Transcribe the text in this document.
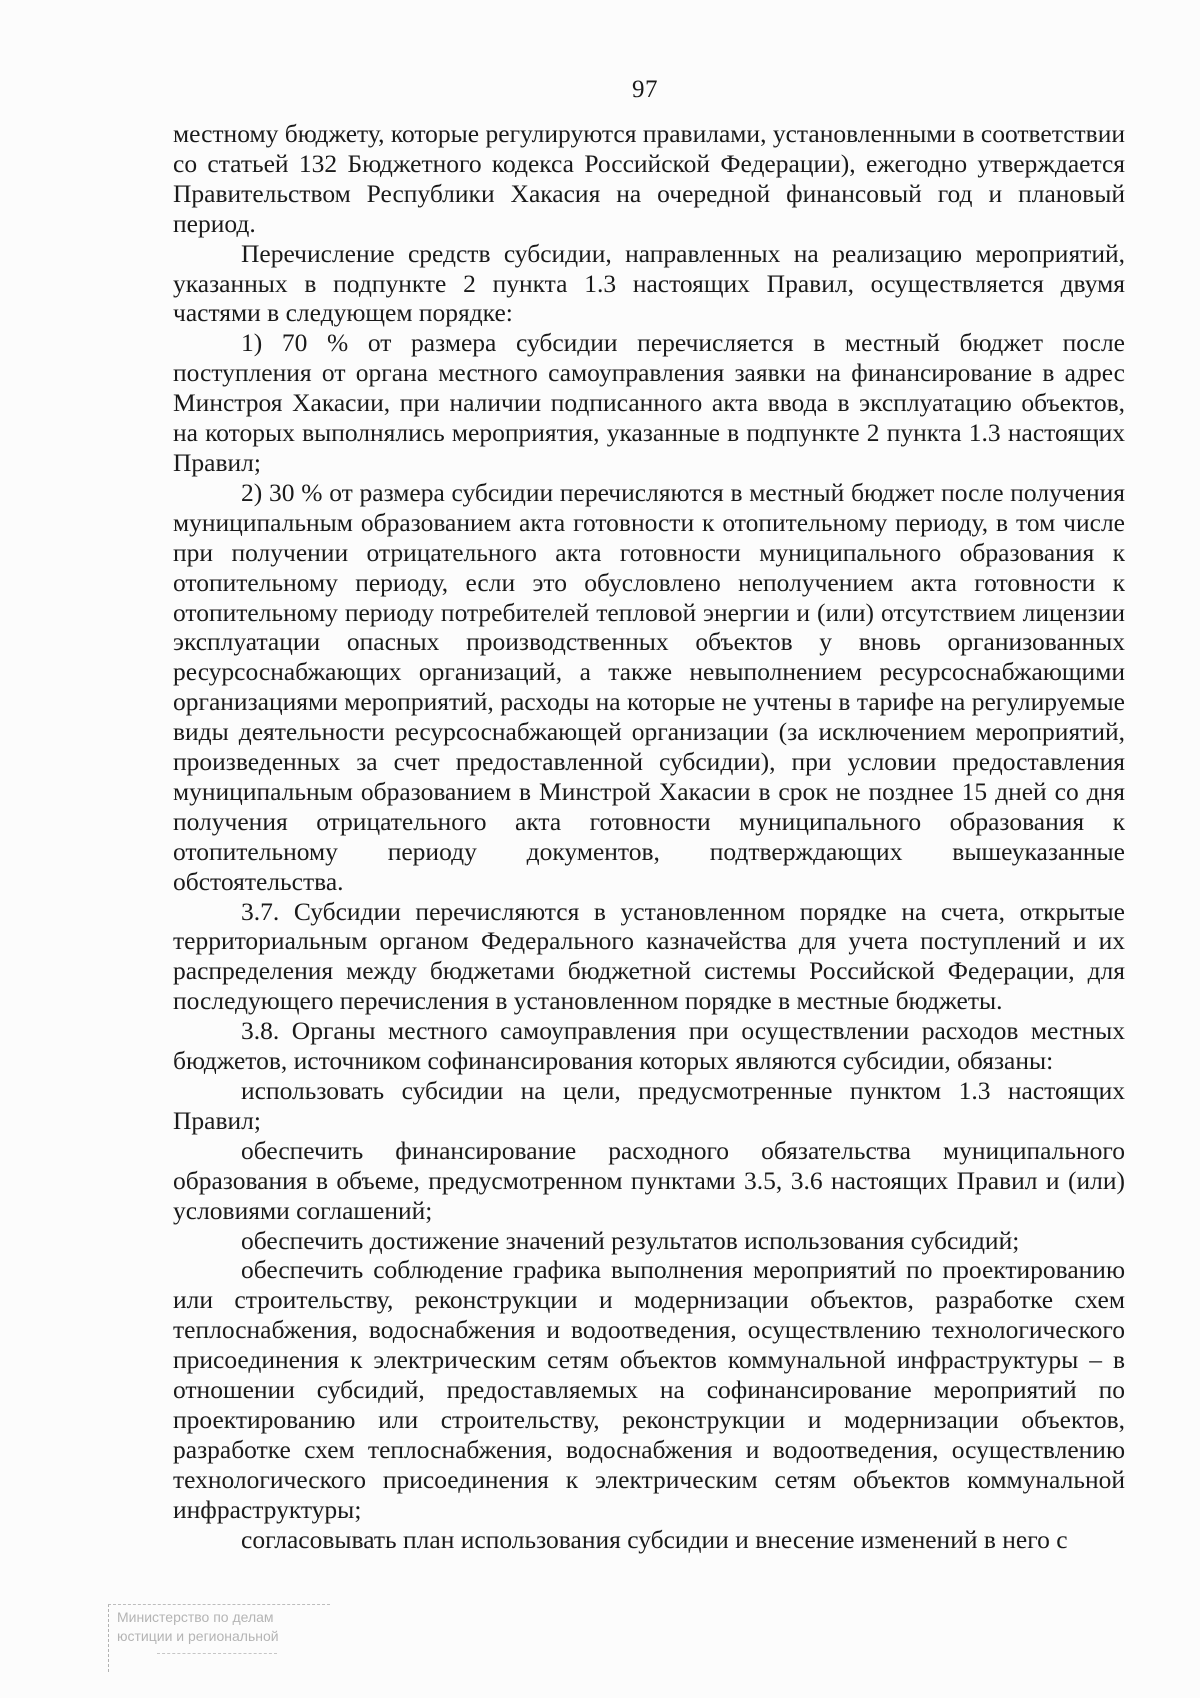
97

местному бюджету, которые регулируются правилами, установленными в соответствии со статьей 132 Бюджетного кодекса Российской Федерации), ежегодно утверждается Правительством Республики Хакасия на очередной финансовый год и плановый период.

Перечисление средств субсидии, направленных на реализацию мероприятий, указанных в подпункте 2 пункта 1.3 настоящих Правил, осуществляется двумя частями в следующем порядке:

1) 70 % от размера субсидии перечисляется в местный бюджет после поступления от органа местного самоуправления заявки на финансирование в адрес Минстроя Хакасии, при наличии подписанного акта ввода в эксплуатацию объектов, на которых выполнялись мероприятия, указанные в подпункте 2 пункта 1.3 настоящих Правил;

2) 30 % от размера субсидии перечисляются в местный бюджет после получения муниципальным образованием акта готовности к отопительному периоду, в том числе при получении отрицательного акта готовности муниципального образования к отопительному периоду, если это обусловлено неполучением акта готовности к отопительному периоду потребителей тепловой энергии и (или) отсутствием лицензии эксплуатации опасных производственных объектов у вновь организованных ресурсоснабжающих организаций, а также невыполнением ресурсоснабжающими организациями мероприятий, расходы на которые не учтены в тарифе на регулируемые виды деятельности ресурсоснабжающей организации (за исключением мероприятий, произведенных за счет предоставленной субсидии), при условии предоставления муниципальным образованием в Минстрой Хакасии в срок не позднее 15 дней со дня получения отрицательного акта готовности муниципального образования к отопительному периоду документов, подтверждающих вышеуказанные обстоятельства.

3.7. Субсидии перечисляются в установленном порядке на счета, открытые территориальным органом Федерального казначейства для учета поступлений и их распределения между бюджетами бюджетной системы Российской Федерации, для последующего перечисления в установленном порядке в местные бюджеты.

3.8. Органы местного самоуправления при осуществлении расходов местных бюджетов, источником софинансирования которых являются субсидии, обязаны:

использовать субсидии на цели, предусмотренные пунктом 1.3 настоящих Правил;

обеспечить финансирование расходного обязательства муниципального образования в объеме, предусмотренном пунктами 3.5, 3.6 настоящих Правил и (или) условиями соглашений;

обеспечить достижение значений результатов использования субсидий;

обеспечить соблюдение графика выполнения мероприятий по проектированию или строительству, реконструкции и модернизации объектов, разработке схем теплоснабжения, водоснабжения и водоотведения, осуществлению технологического присоединения к электрическим сетям объектов коммунальной инфраструктуры – в отношении субсидий, предоставляемых на софинансирование мероприятий по проектированию или строительству, реконструкции и модернизации объектов, разработке схем теплоснабжения, водоснабжения и водоотведения, осуществлению технологического присоединения к электрическим сетям объектов коммунальной инфраструктуры;

согласовывать план использования субсидии и внесение изменений в него с

Министерство по делам
юстиции и региональной
